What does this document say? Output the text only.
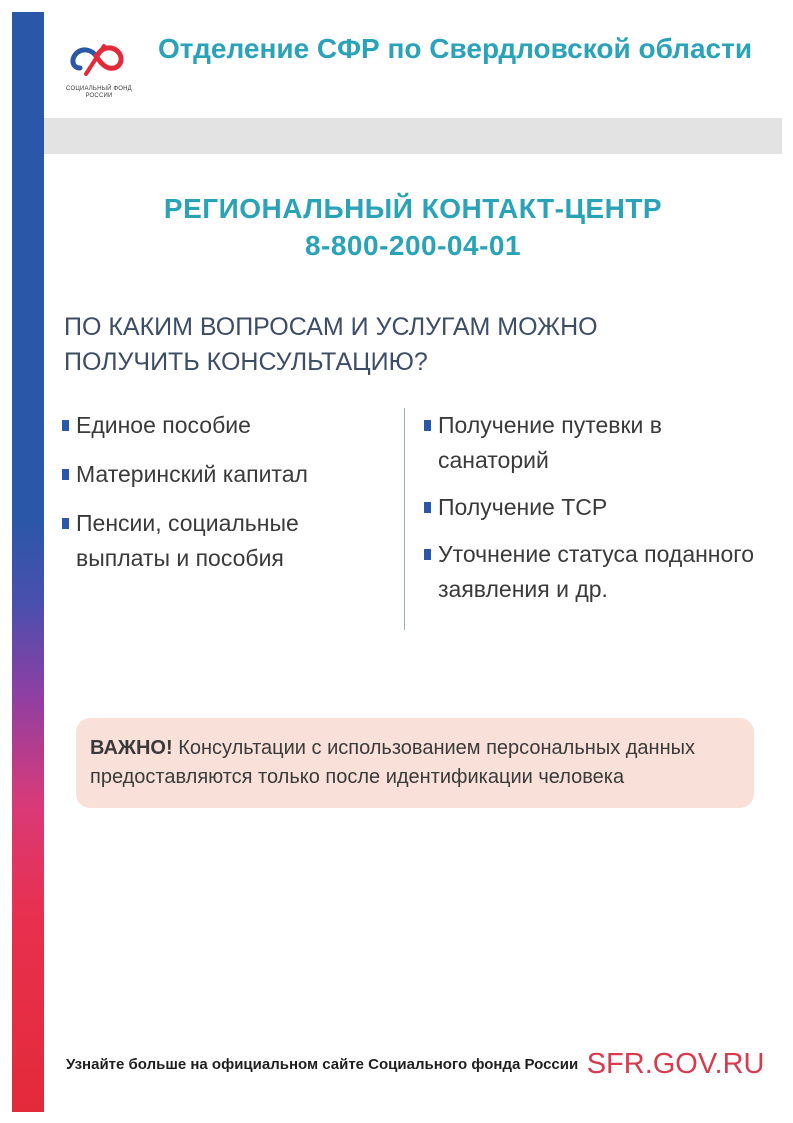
СОЦИАЛЬНЫЙ ФОНД РОССИИ
Отделение СФР по Свердловской области
РЕГИОНАЛЬНЫЙ КОНТАКТ-ЦЕНТР
8-800-200-04-01
ПО КАКИМ ВОПРОСАМ И УСЛУГАМ МОЖНО ПОЛУЧИТЬ КОНСУЛЬТАЦИЮ?
Единое пособие
Материнский капитал
Пенсии, социальные выплаты и пособия
Получение путевки в санаторий
Получение ТСР
Уточнение статуса поданного заявления и др.
ВАЖНО! Консультации с использованием персональных данных предоставляются только после идентификации человека
Узнайте больше на официальном сайте Социального фонда России SFR.GOV.RU
